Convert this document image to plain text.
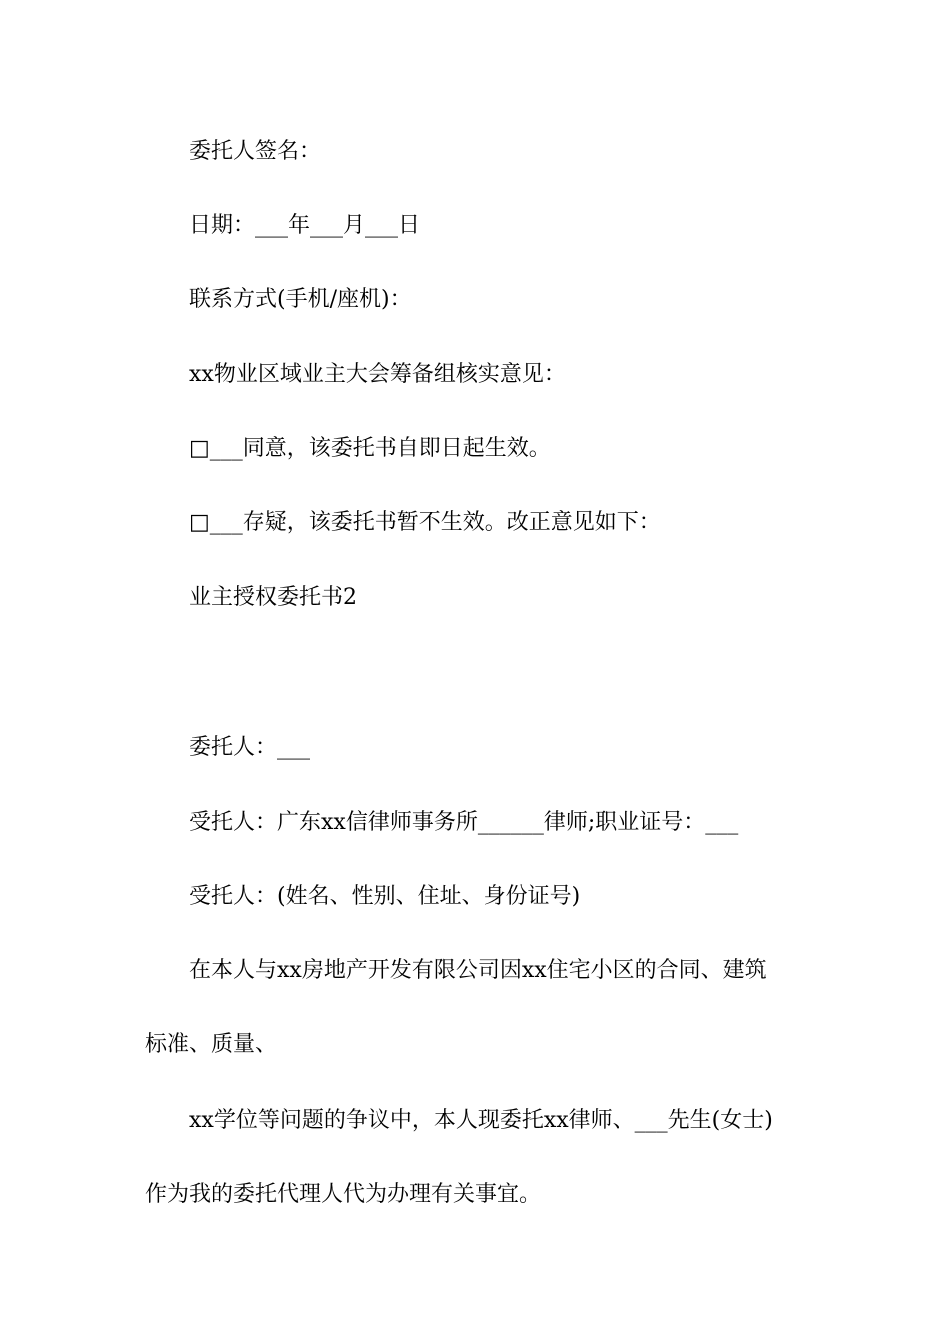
委托人签名：
日期：___年___月___日
联系方式(手机/座机)：
xx物业区域业主大会筹备组核实意见：
□___同意，该委托书自即日起生效。
□___存疑，该委托书暂不生效。改正意见如下：
业主授权委托书2
委托人：___
受托人：广东xx信律师事务所______律师;职业证号：___
受托人：(姓名、性别、住址、身份证号)
在本人与xx房地产开发有限公司因xx住宅小区的合同、建筑
标准、质量、
xx学位等问题的争议中，本人现委托xx律师、___先生(女士)
作为我的委托代理人代为办理有关事宜。
